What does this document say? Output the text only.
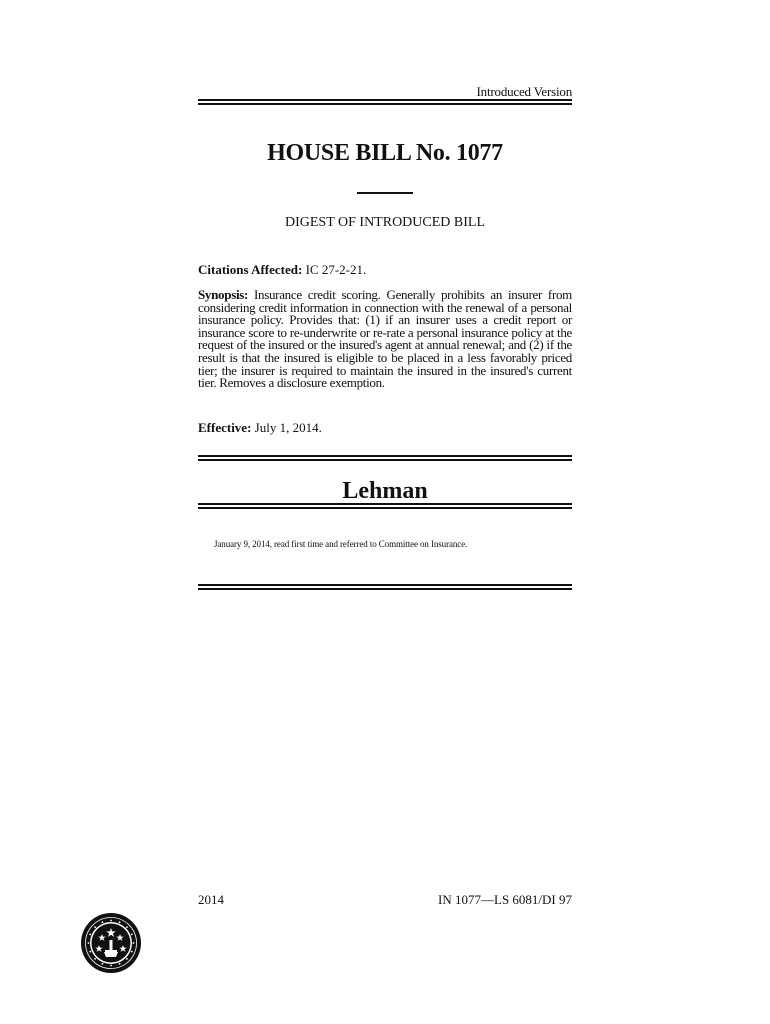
Introduced Version
HOUSE BILL No. 1077
DIGEST OF INTRODUCED BILL
Citations Affected: IC 27-2-21.
Synopsis: Insurance credit scoring. Generally prohibits an insurer from considering credit information in connection with the renewal of a personal insurance policy. Provides that: (1) if an insurer uses a credit report or insurance score to re-underwrite or re-rate a personal insurance policy at the request of the insured or the insured's agent at annual renewal; and (2) if the result is that the insured is eligible to be placed in a less favorably priced tier; the insurer is required to maintain the insured in the insured's current tier. Removes a disclosure exemption.
Effective: July 1, 2014.
Lehman
January 9, 2014, read first time and referred to Committee on Insurance.
2014	IN 1077—LS 6081/DI 97
